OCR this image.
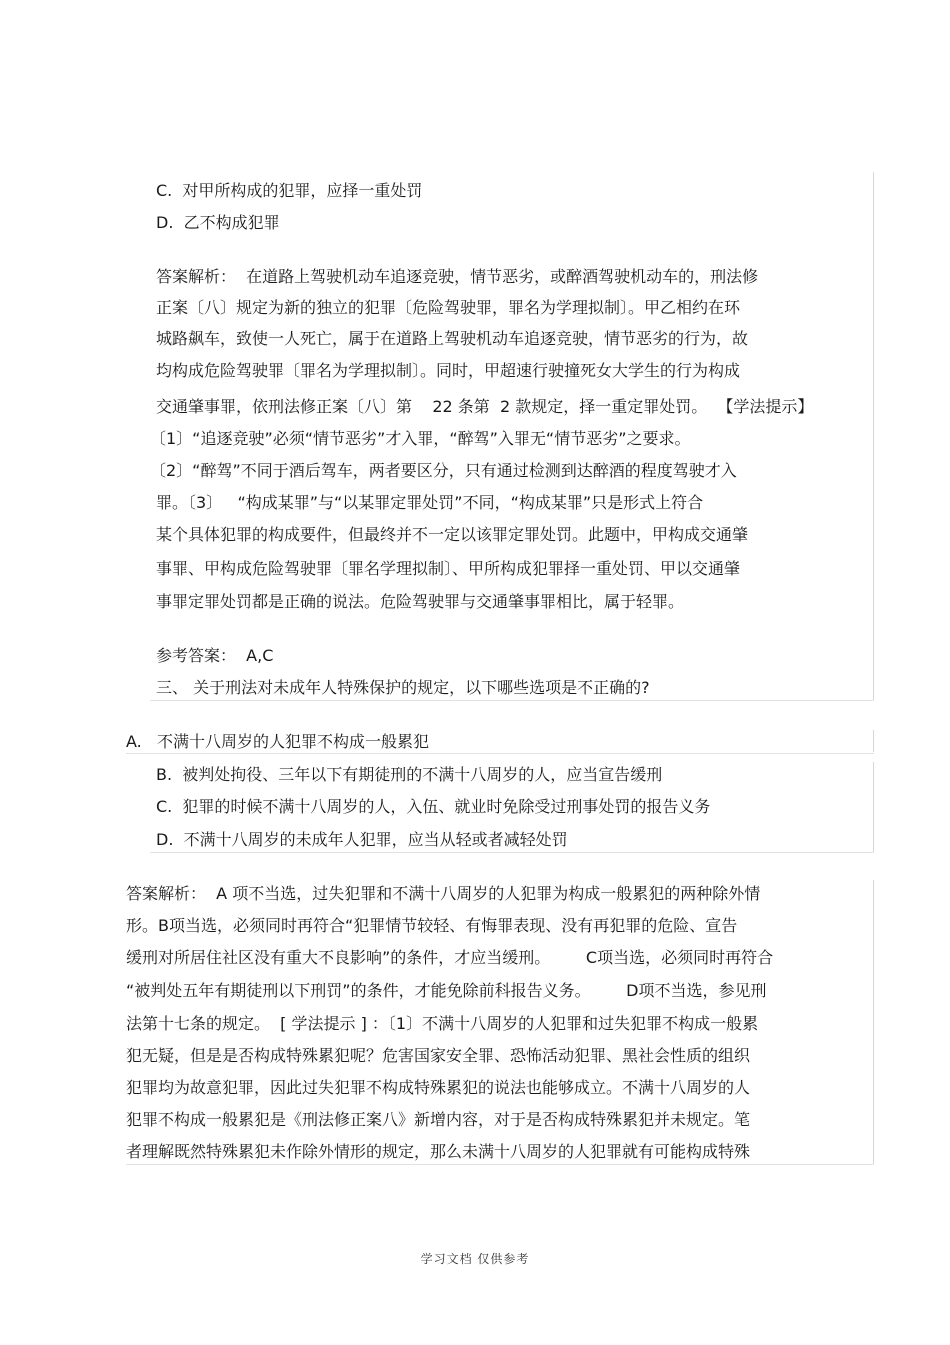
C.  对甲所构成的犯罪，应择一重处罚
D.  乙不构成犯罪
答案解析：  在道路上驾驶机动车追逐竞驶，情节恶劣，或醉酒驾驶机动车的，刑法修
正案〔八〕规定为新的独立的犯罪〔危险驾驶罪，罪名为学理拟制〕。甲乙相约在环
城路飙车，致使一人死亡，属于在道路上驾驶机动车追逐竞驶，情节恶劣的行为，故
均构成危险驾驶罪〔罪名为学理拟制〕。同时，甲超速行驶撞死女大学生的行为构成
交通肇事罪，依刑法修正案〔八〕第    22 条第  2 款规定，择一重定罪处罚。  【学法提示】
〔1〕“追逐竞驶”必须“情节恶劣”才入罪，“醉驾”入罪无“情节恶劣”之要求。
〔2〕“醉驾”不同于酒后驾车，两者要区分，只有通过检测到达醉酒的程度驾驶才入
罪。〔3〕   “构成某罪”与“以某罪定罪处罚”不同，“构成某罪”只是形式上符合
某个具体犯罪的构成要件，但最终并不一定以该罪定罪处罚。此题中，甲构成交通肇
事罪、甲构成危险驾驶罪〔罪名学理拟制〕、甲所构成犯罪择一重处罚、甲以交通肇
事罪定罪处罚都是正确的说法。危险驾驶罪与交通肇事罪相比，属于轻罪。
参考答案：  A,C
三、 关于刑法对未成年人特殊保护的规定，以下哪些选项是不正确的?
A.   不满十八周岁的人犯罪不构成一般累犯
B.  被判处拘役、三年以下有期徒刑的不满十八周岁的人，应当宣告缓刑
C.  犯罪的时候不满十八周岁的人，入伍、就业时免除受过刑事处罚的报告义务
D.  不满十八周岁的未成年人犯罪，应当从轻或者减轻处罚
答案解析：  A 项不当选，过失犯罪和不满十八周岁的人犯罪为构成一般累犯的两种除外情
形。B项当选，必须同时再符合“犯罪情节较轻、有悔罪表现、没有再犯罪的危险、宣告
缓刑对所居住社区没有重大不良影响”的条件，才应当缓刑。       C项当选，必须同时再符合
“被判处五年有期徒刑以下刑罚”的条件，才能免除前科报告义务。       D项不当选，参见刑
法第十七条的规定。  [ 学法提示 ] ：〔1〕不满十八周岁的人犯罪和过失犯罪不构成一般累
犯无疑，但是是否构成特殊累犯呢？危害国家安全罪、恐怖活动犯罪、黑社会性质的组织
犯罪均为故意犯罪，因此过失犯罪不构成特殊累犯的说法也能够成立。不满十八周岁的人
犯罪不构成一般累犯是《刑法修正案八》新增内容，对于是否构成特殊累犯并未规定。笔
者理解既然特殊累犯未作除外情形的规定，那么未满十八周岁的人犯罪就有可能构成特殊
学习文档 仅供参考
